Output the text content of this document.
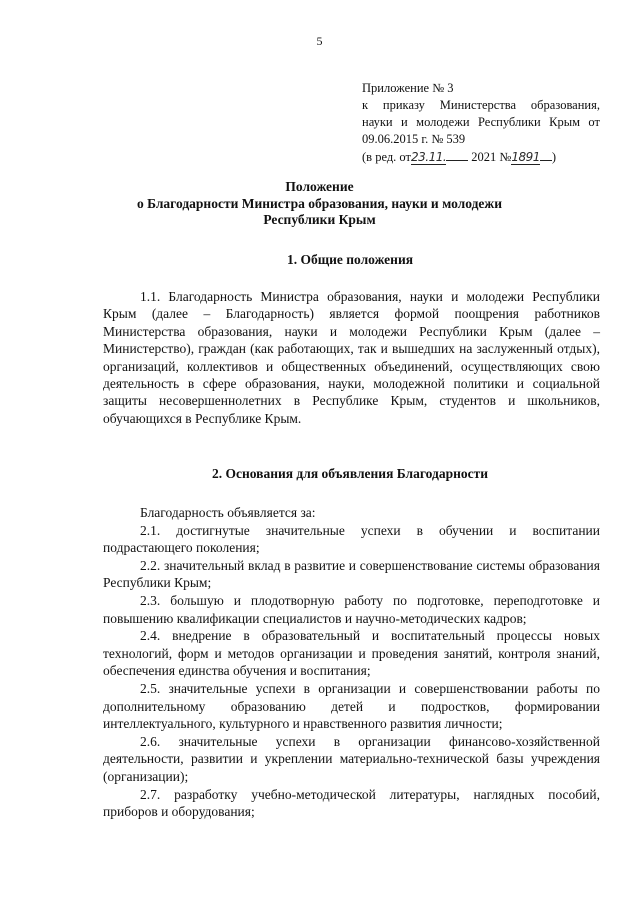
5
Приложение № 3
к приказу Министерства образования,
науки и молодежи Республики Крым от
09.06.2015 г. № 539
(в ред. от23.11. 2021 №1891 )
Положение
о Благодарности Министра образования, науки и молодежи
Республики Крым
1. Общие положения

1.1. Благодарность Министра образования, науки и молодежи Республики Крым (далее – Благодарность) является формой поощрения работников Министерства образования, науки и молодежи Республики Крым (далее – Министерство), граждан (как работающих, так и вышедших на заслуженный отдых), организаций, коллективов и общественных объединений, осуществляющих свою деятельность в сфере образования, науки, молодежной политики и социальной защиты несовершеннолетних в Республике Крым, студентов и школьников, обучающихся в Республике Крым.

2. Основания для объявления Благодарности

Благодарность объявляется за:

2.1. достигнутые значительные успехи в обучении и воспитании подрастающего поколения;

2.2. значительный вклад в развитие и совершенствование системы образования Республики Крым;

2.3. большую и плодотворную работу по подготовке, переподготовке и повышению квалификации специалистов и научно-методических кадров;

2.4. внедрение в образовательный и воспитательный процессы новых технологий, форм и методов организации и проведения занятий, контроля знаний, обеспечения единства обучения и воспитания;

2.5. значительные успехи в организации и совершенствовании работы по дополнительному образованию детей и подростков, формировании интеллектуального, культурного и нравственного развития личности;

2.6. значительные успехи в организации финансово-хозяйственной деятельности, развитии и укреплении материально-технической базы учреждения (организации);

2.7. разработку учебно-методической литературы, наглядных пособий, приборов и оборудования;
